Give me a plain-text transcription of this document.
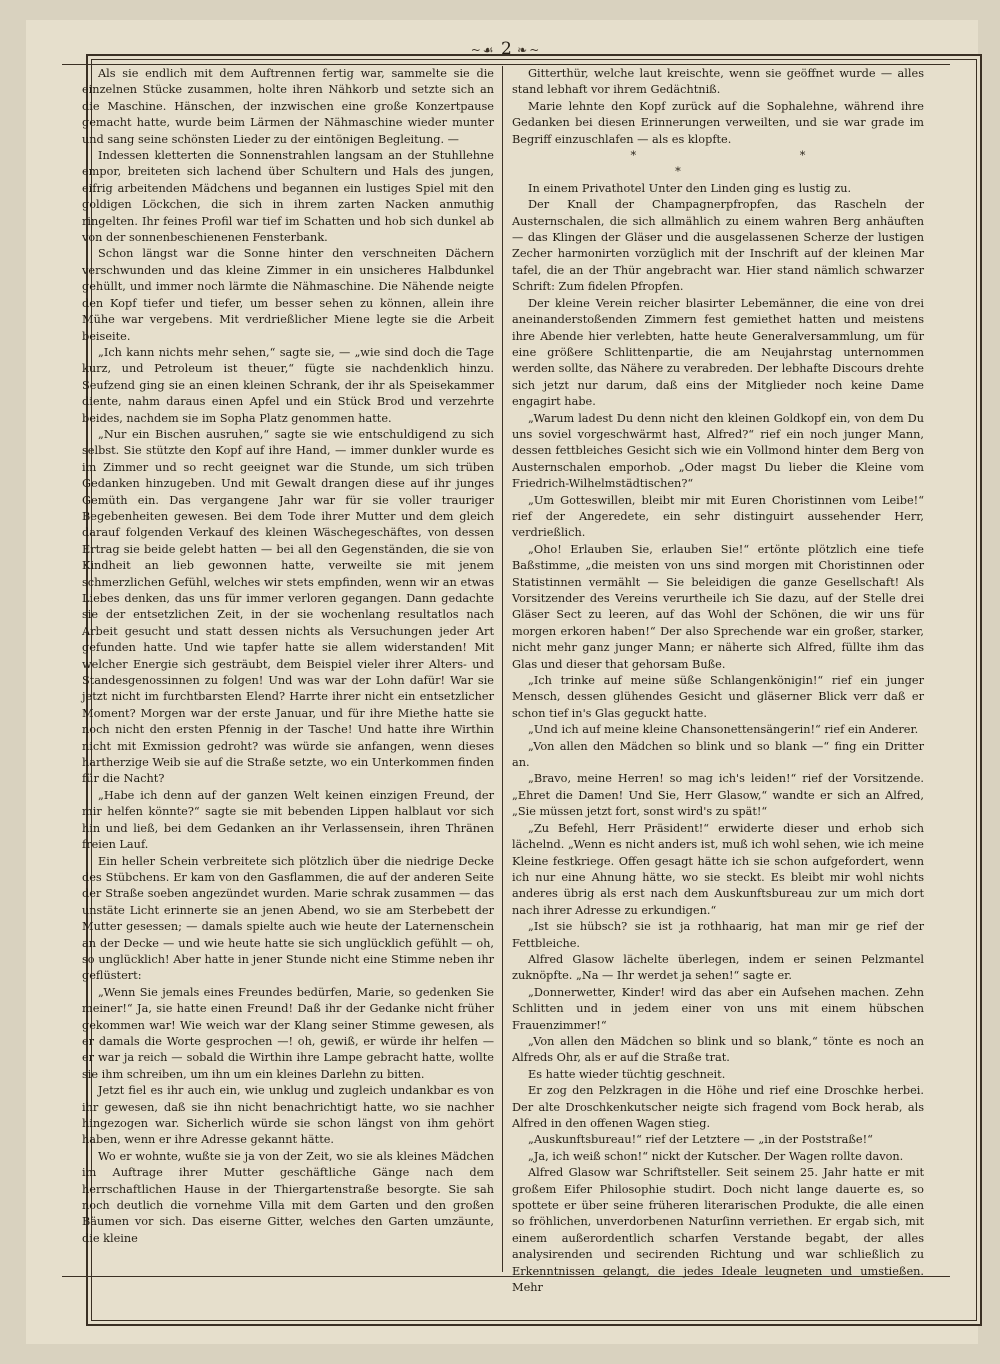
~☙ 2 ❧~

Als sie endlich mit dem Auftrennen fertig war, sammelte sie die einzelnen Stücke zusammen, holte ihren Nähkorb und setzte sich an die Maschine. Hänschen, der inzwischen eine große Konzertpause gemacht hatte, wurde beim Lärmen der Nähmaschine wieder munter und sang seine schönsten Lieder zu der eintönigen Begleitung. —

Indessen kletterten die Sonnenstrahlen langsam an der Stuhllehne empor, breiteten sich lachend über Schultern und Hals des jungen, eifrig arbeitenden Mädchens und begannen ein lustiges Spiel mit den goldigen Löckchen, die sich in ihrem zarten Nacken anmuthig ringelten. Ihr feines Profil war tief im Schatten und hob sich dunkel ab von der sonnenbeschienenen Fensterbank.

Schon längst war die Sonne hinter den verschneiten Dächern verschwunden und das kleine Zimmer in ein unsicheres Halbdunkel gehüllt, und immer noch lärmte die Nähmaschine. Die Nähende neigte den Kopf tiefer und tiefer, um besser sehen zu können, allein ihre Mühe war vergebens. Mit verdrießlicher Miene legte sie die Arbeit beiseite.

„Ich kann nichts mehr sehen,“ sagte sie, — „wie sind doch die Tage kurz, und Petroleum ist theuer,“ fügte sie nachdenklich hinzu. Seufzend ging sie an einen kleinen Schrank, der ihr als Speisekammer diente, nahm daraus einen Apfel und ein Stück Brod und verzehrte beides, nachdem sie im Sopha Platz genommen hatte.

„Nur ein Bischen ausruhen,“ sagte sie wie entschuldigend zu sich selbst. Sie stützte den Kopf auf ihre Hand, — immer dunkler wurde es im Zimmer und so recht geeignet war die Stunde, um sich trüben Gedanken hinzugeben. Und mit Gewalt drangen diese auf ihr junges Gemüth ein. Das vergangene Jahr war für sie voller trauriger Begebenheiten gewesen. Bei dem Tode ihrer Mutter und dem gleich darauf folgenden Verkauf des kleinen Wäschegeschäftes, von dessen Ertrag sie beide gelebt hatten — bei all den Gegenständen, die sie von Kindheit an lieb gewonnen hatte, verweilte sie mit jenem schmerzlichen Gefühl, welches wir stets empfinden, wenn wir an etwas Liebes denken, das uns für immer verloren gegangen. Dann gedachte sie der entsetzlichen Zeit, in der sie wochenlang resultatlos nach Arbeit gesucht und statt dessen nichts als Versuchungen jeder Art gefunden hatte. Und wie tapfer hatte sie allem widerstanden! Mit welcher Energie sich gesträubt, dem Beispiel vieler ihrer Alters- und Standesgenossinnen zu folgen! Und was war der Lohn dafür! War sie jetzt nicht im furchtbarsten Elend? Harrte ihrer nicht ein entsetzlicher Moment? Morgen war der erste Januar, und für ihre Miethe hatte sie noch nicht den ersten Pfennig in der Tasche! Und hatte ihre Wirthin nicht mit Exmission gedroht? was würde sie anfangen, wenn dieses hartherzige Weib sie auf die Straße setzte, wo ein Unterkommen finden für die Nacht?

„Habe ich denn auf der ganzen Welt keinen einzigen Freund, der mir helfen könnte?“ sagte sie mit bebenden Lippen halblaut vor sich hin und ließ, bei dem Gedanken an ihr Verlassensein, ihren Thränen freien Lauf.

Ein heller Schein verbreitete sich plötzlich über die niedrige Decke des Stübchens. Er kam von den Gasflammen, die auf der anderen Seite der Straße soeben angezündet wurden. Marie schrak zusammen — das unstäte Licht erinnerte sie an jenen Abend, wo sie am Sterbebett der Mutter gesessen; — damals spielte auch wie heute der Laternenschein an der Decke — und wie heute hatte sie sich unglücklich gefühlt — oh, so unglücklich! Aber hatte in jener Stunde nicht eine Stimme neben ihr geflüstert:

„Wenn Sie jemals eines Freundes bedürfen, Marie, so gedenken Sie meiner!“ Ja, sie hatte einen Freund! Daß ihr der Gedanke nicht früher gekommen war! Wie weich war der Klang seiner Stimme gewesen, als er damals die Worte gesprochen —! oh, gewiß, er würde ihr helfen — er war ja reich — sobald die Wirthin ihre Lampe gebracht hatte, wollte sie ihm schreiben, um ihn um ein kleines Darlehn zu bitten.

Jetzt fiel es ihr auch ein, wie unklug und zugleich undankbar es von ihr gewesen, daß sie ihn nicht benachrichtigt hatte, wo sie nachher hingezogen war. Sicherlich würde sie schon längst von ihm gehört haben, wenn er ihre Adresse gekannt hätte.

Wo er wohnte, wußte sie ja von der Zeit, wo sie als kleines Mädchen im Auftrage ihrer Mutter geschäftliche Gänge nach dem herrschaftlichen Hause in der Thiergartenstraße besorgte. Sie sah noch deutlich die vornehme Villa mit dem Garten und den großen Bäumen vor sich. Das eiserne Gitter, welches den Garten umzäunte, die kleine

Gitterthür, welche laut kreischte, wenn sie geöffnet wurde — alles stand lebhaft vor ihrem Gedächtniß.

Marie lehnte den Kopf zurück auf die Sophalehne, während ihre Gedanken bei diesen Erinnerungen verweilten, und sie war grade im Begriff einzuschlafen — als es klopfte.

* * *

In einem Privathotel Unter den Linden ging es lustig zu.

Der Knall der Champagnerpfropfen, das Rascheln der Austernschalen, die sich allmählich zu einem wahren Berg anhäuften — das Klingen der Gläser und die ausgelassenen Scherze der lustigen Zecher harmonirten vorzüglich mit der Inschrift auf der kleinen Mar tafel, die an der Thür angebracht war. Hier stand nämlich schwarzer Schrift: Zum fidelen Pfropfen.

Der kleine Verein reicher blasirter Lebemänner, die eine von drei aneinanderstoßenden Zimmern fest gemiethet hatten und meistens ihre Abende hier verlebten, hatte heute Generalversammlung, um für eine größere Schlittenpartie, die am Neujahrstag unternommen werden sollte, das Nähere zu verabreden. Der lebhafte Discours drehte sich jetzt nur darum, daß eins der Mitglieder noch keine Dame engagirt habe.

„Warum ladest Du denn nicht den kleinen Goldkopf ein, von dem Du uns soviel vorgeschwärmt hast, Alfred?“ rief ein noch junger Mann, dessen fettbleiches Gesicht sich wie ein Vollmond hinter dem Berg von Austernschalen emporhob. „Oder magst Du lieber die Kleine vom Friedrich-Wilhelmstädtischen?“

„Um Gotteswillen, bleibt mir mit Euren Choristinnen vom Leibe!“ rief der Angeredete, ein sehr distinguirt aussehender Herr, verdrießlich.

„Oho! Erlauben Sie, erlauben Sie!“ ertönte plötzlich eine tiefe Baßstimme, „die meisten von uns sind morgen mit Choristinnen oder Statistinnen vermählt — Sie beleidigen die ganze Gesellschaft! Als Vorsitzender des Vereins verurtheile ich Sie dazu, auf der Stelle drei Gläser Sect zu leeren, auf das Wohl der Schönen, die wir uns für morgen erkoren haben!“ Der also Sprechende war ein großer, starker, nicht mehr ganz junger Mann; er näherte sich Alfred, füllte ihm das Glas und dieser that gehorsam Buße.

„Ich trinke auf meine süße Schlangenkönigin!“ rief ein junger Mensch, dessen glühendes Gesicht und gläserner Blick verr daß er schon tief in's Glas geguckt hatte.

„Und ich auf meine kleine Chansonettensängerin!“ rief ein Anderer.

„Von allen den Mädchen so blink und so blank —“ fing ein Dritter an.

„Bravo, meine Herren! so mag ich's leiden!“ rief der Vorsitzende. „Ehret die Damen! Und Sie, Herr Glasow,“ wandte er sich an Alfred, „Sie müssen jetzt fort, sonst wird's zu spät!“

„Zu Befehl, Herr Präsident!“ erwiderte dieser und erhob sich lächelnd. „Wenn es nicht anders ist, muß ich wohl sehen, wie ich meine Kleine festkriege. Offen gesagt hätte ich sie schon aufgefordert, wenn ich nur eine Ahnung hätte, wo sie steckt. Es bleibt mir wohl nichts anderes übrig als erst nach dem Auskunftsbureau zur um mich dort nach ihrer Adresse zu erkundigen.“

„Ist sie hübsch? sie ist ja rothhaarig, hat man mir ge rief der Fettbleiche.

Alfred Glasow lächelte überlegen, indem er seinen Pelzmantel zuknöpfte. „Na — Ihr werdet ja sehen!“ sagte er.

„Donnerwetter, Kinder! wird das aber ein Aufsehen machen. Zehn Schlitten und in jedem einer von uns mit einem hübschen Frauenzimmer!“

„Von allen den Mädchen so blink und so blank,“ tönte es noch an Alfreds Ohr, als er auf die Straße trat.

Es hatte wieder tüchtig geschneit.

Er zog den Pelzkragen in die Höhe und rief eine Droschke herbei. Der alte Droschkenkutscher neigte sich fragend vom Bock herab, als Alfred in den offenen Wagen stieg.

„Auskunftsbureau!“ rief der Letztere — „in der Poststraße!“

„Ja, ich weiß schon!“ nickt der Kutscher. Der Wagen rollte davon.

Alfred Glasow war Schriftsteller. Seit seinem 25. Jahr hatte er mit großem Eifer Philosophie studirt. Doch nicht lange dauerte es, so spottete er über seine früheren literarischen Produkte, die alle einen so fröhlichen, unverdorbenen Naturſinn verriethen. Er ergab sich, mit einem außerordentlich scharfen Verstande begabt, der alles analysirenden und secirenden Richtung und war schließlich zu Erkenntnissen gelangt, die jedes Ideale leugneten und umstießen. Mehr
